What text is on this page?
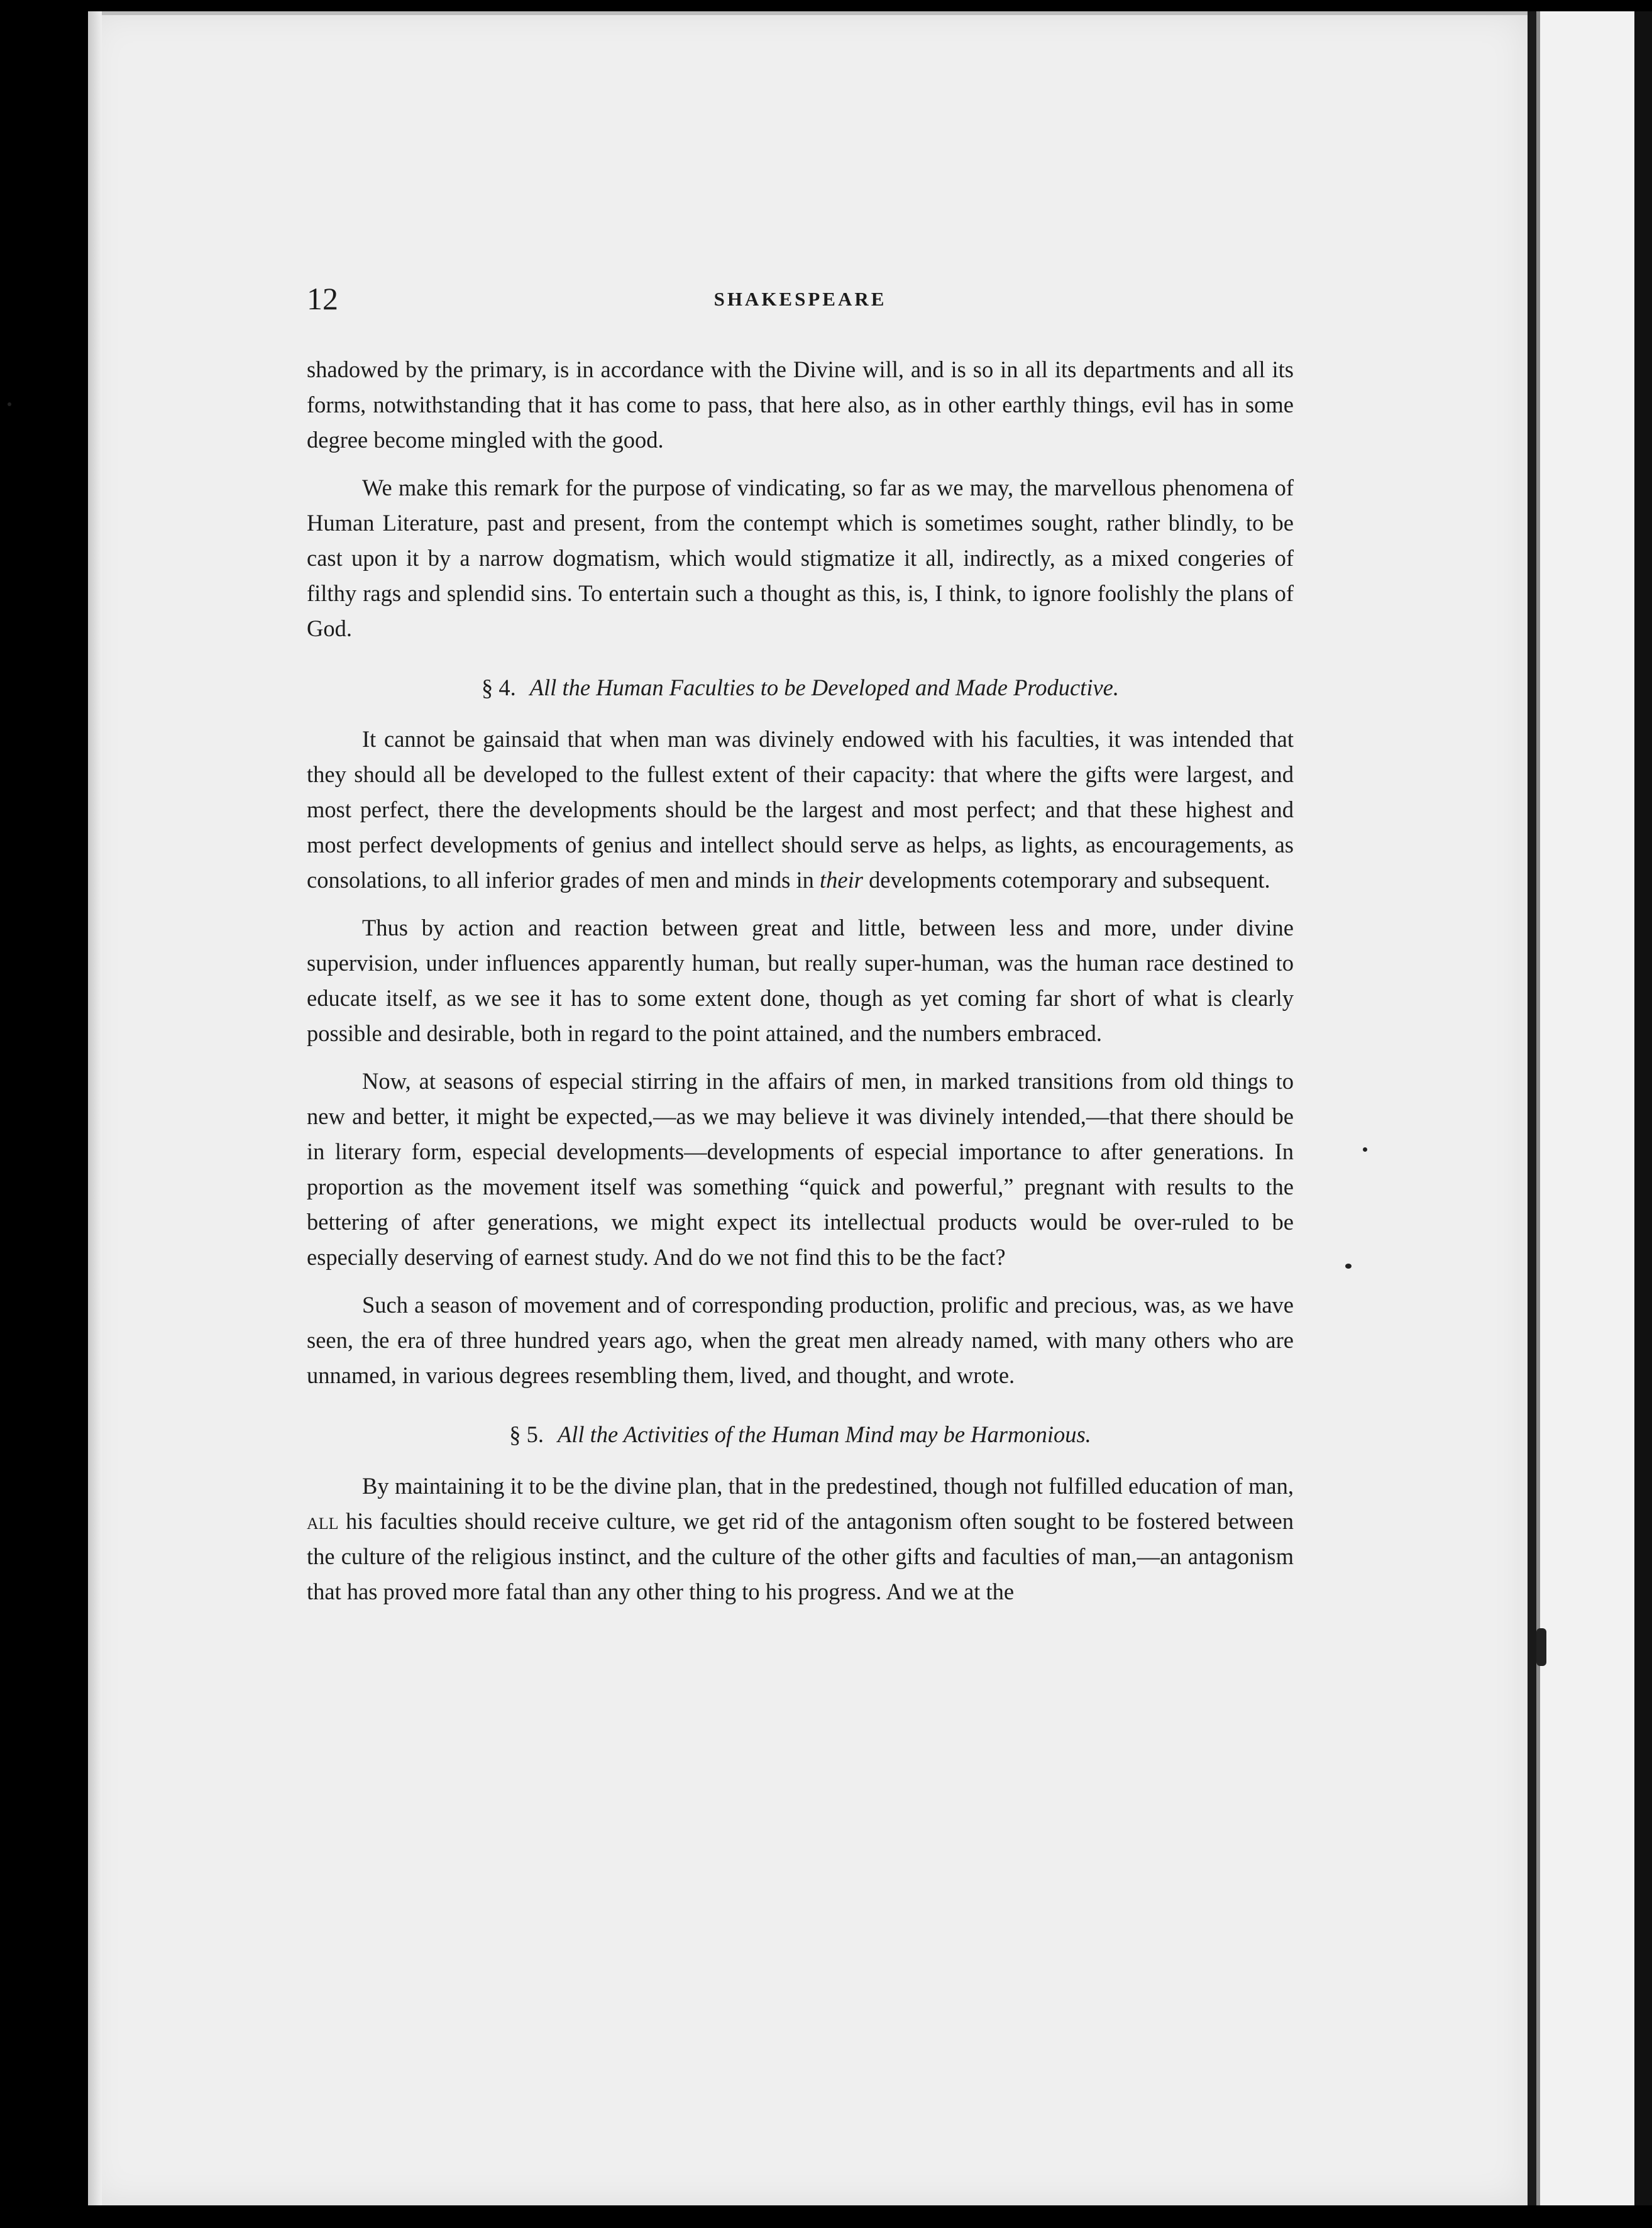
12	SHAKESPEARE

shadowed by the primary, is in accordance with the Divine will, and is so in all its departments and all its forms, notwithstanding that it has come to pass, that here also, as in other earthly things, evil has in some degree become mingled with the good.

We make this remark for the purpose of vindicating, so far as we may, the marvellous phenomena of Human Literature, past and present, from the contempt which is sometimes sought, rather blindly, to be cast upon it by a narrow dogmatism, which would stigmatize it all, indirectly, as a mixed congeries of filthy rags and splendid sins. To entertain such a thought as this, is, I think, to ignore foolishly the plans of God.

§ 4. All the Human Faculties to be Developed and Made Productive.

It cannot be gainsaid that when man was divinely endowed with his faculties, it was intended that they should all be developed to the fullest extent of their capacity: that where the gifts were largest, and most perfect, there the developments should be the largest and most perfect; and that these highest and most perfect developments of genius and intellect should serve as helps, as lights, as encouragements, as consolations, to all inferior grades of men and minds in their developments cotemporary and subsequent.

Thus by action and reaction between great and little, between less and more, under divine supervision, under influences apparently human, but really super-human, was the human race destined to educate itself, as we see it has to some extent done, though as yet coming far short of what is clearly possible and desirable, both in regard to the point attained, and the numbers embraced.

Now, at seasons of especial stirring in the affairs of men, in marked transitions from old things to new and better, it might be expected,—as we may believe it was divinely intended,—that there should be in literary form, especial developments—developments of especial importance to after generations. In proportion as the movement itself was something “quick and powerful,” pregnant with results to the bettering of after generations, we might expect its intellectual products would be over-ruled to be especially deserving of earnest study. And do we not find this to be the fact?

Such a season of movement and of corresponding production, prolific and precious, was, as we have seen, the era of three hundred years ago, when the great men already named, with many others who are unnamed, in various degrees resembling them, lived, and thought, and wrote.

§ 5. All the Activities of the Human Mind may be Harmonious.

By maintaining it to be the divine plan, that in the predestined, though not fulfilled education of man, all his faculties should receive culture, we get rid of the antagonism often sought to be fostered between the culture of the religious instinct, and the culture of the other gifts and faculties of man,—an antagonism that has proved more fatal than any other thing to his progress. And we at the
